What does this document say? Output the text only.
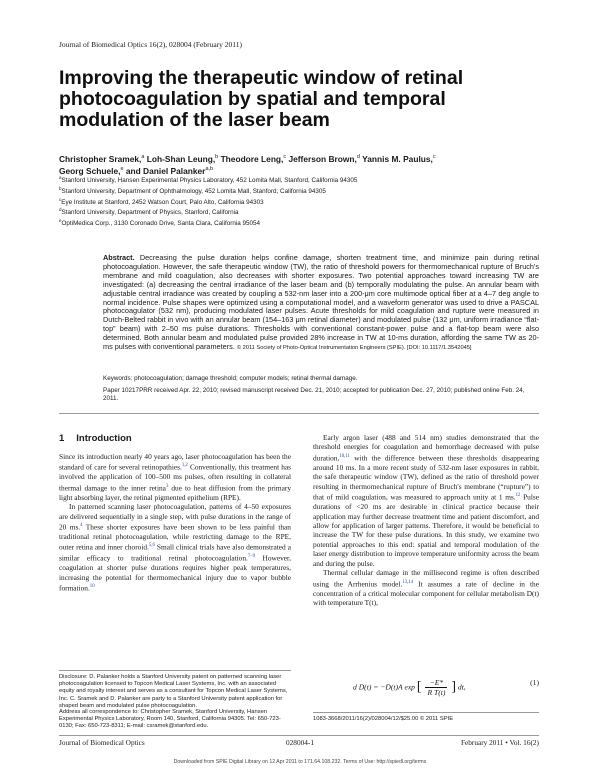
Journal of Biomedical Optics 16(2), 028004 (February 2011)
Improving the therapeutic window of retinal photocoagulation by spatial and temporal modulation of the laser beam
Christopher Sramek,$^a$ Loh-Shan Leung,$^b$ Theodore Leng,$^c$ Jefferson Brown,$^d$ Yannis M. Paulus,$^c$
Georg Schuele,$^e$ and Daniel Palanker$^{a,b}$
$^a$Stanford University, Hansen Experimental Physics Laboratory, 452 Lomita Mall, Stanford, California 94305
$^b$Stanford University, Department of Ophthalmology, 452 Lomita Mall, Stanford, California 94305
$^c$Eye Institute at Stanford, 2452 Watson Court, Palo Alto, California 94303
$^d$Stanford University, Department of Physics, Stanford, California
$^e$OptiMedica Corp., 3130 Coronado Drive, Santa Clara, California 95054
Abstract. Decreasing the pulse duration helps confine damage, shorten treatment time, and minimize pain during retinal photocoagulation. However, the safe therapeutic window (TW), the ratio of threshold powers for thermomechanical rupture of Bruch's membrane and mild coagulation, also decreases with shorter exposures. Two potential approaches toward increasing TW are investigated: (a) decreasing the central irradiance of the laser beam and (b) temporally modulating the pulse. An annular beam with adjustable central irradiance was created by coupling a 532-nm laser into a 200-μm core multimode optical fiber at a 4–7 deg angle to normal incidence. Pulse shapes were optimized using a computational model, and a waveform generator was used to drive a PASCAL photocoagulator (532 nm), producing modulated laser pulses. Acute thresholds for mild coagulation and rupture were measured in Dutch-Belted rabbit in vivo with an annular beam (154–163 μm retinal diameter) and modulated pulse (132 μm, uniform irradiance “flat-top” beam) with 2–50 ms pulse durations. Thresholds with conventional constant-power pulse and a flat-top beam were also determined. Both annular beam and modulated pulse provided 28% increase in TW at 10-ms duration, affording the same TW as 20-ms pulses with conventional parameters. © 2011 Society of Photo-Optical Instrumentation Engineers (SPIE). [DOI: 10.1117/1.3542045]
Keywords: photocoagulation; damage threshold; computer models; retinal thermal damage.
Paper 10217PRR received Apr. 22, 2010; revised manuscript received Dec. 21, 2010; accepted for publication Dec. 27, 2010; published online Feb. 24, 2011.
1 Introduction

Since its introduction nearly 40 years ago, laser photocoagulation has been the standard of care for several retinopathies.$^{1,2}$ Conventionally, this treatment has involved the application of 100–500 ms pulses, often resulting in collateral thermal damage to the inner retina$^3$ due to heat diffusion from the primary light absorbing layer, the retinal pigmented epithelium (RPE).

In patterned scanning laser photocoagulation, patterns of 4–50 exposures are delivered sequentially in a single step, with pulse durations in the range of 20 ms.$^4$ These shorter exposures have been shown to be less painful than traditional retinal photocoagulation, while restricting damage to the RPE, outer retina and inner choroid.$^{5,6}$ Small clinical trials have also demonstrated a similar efficacy to traditional retinal photocoagulation.$^{7-9}$ However, coagulation at shorter pulse durations requires higher peak temperatures, increasing the potential for thermomechanical injury due to vapor bubble formation.$^{10}$

Early argon laser (488 and 514 nm) studies demonstrated that the threshold energies for coagulation and hemorrhage decreased with pulse duration,$^{10,11}$ with the difference between these thresholds disappearing around 10 ms. In a more recent study of 532-nm laser exposures in rabbit, the safe therapeutic window (TW), defined as the ratio of threshold power resulting in thermomechanical rupture of Bruch's membrane (“rupture”) to that of mild coagulation, was measured to approach unity at 1 ms.$^{12}$ Pulse durations of <20 ms are desirable in clinical practice because their application may further decrease treatment time and patient discomfort, and allow for application of larger patterns. Therefore, it would be beneficial to increase the TW for these pulse durations. In this study, we examine two potential approaches to this end: spatial and temporal modulation of the laser energy distribution to improve temperature uniformity across the beam and during the pulse.

Thermal cellular damage in the millisecond regime is often described using the Arrhenius model.$^{13,14}$ It assumes a rate of decline in the concentration of a critical molecular component for cellular metabolism D(t) with temperature T(t),

d D(t) = −D(t)A exp [ $\frac{-E*}{\text{R T(t)}}$ ] dt,	(1)
Disclosure: D. Palanker holds a Stanford University patent on patterned scanning laser photocoagulation licensed to Topcon Medical Laser Systems, Inc. with an associated equity and royalty interest and serves as a consultant for Topcon Medical Laser Systems, Inc. C. Sramek and D. Palanker are party to a Stanford University patent application for shaped beam and modulated pulse photocoagulation.
Address all correspondence to: Christopher Sramek, Stanford University, Hansen Experimental Physics Laboratory, Room 140, Stanford, California 94305. Tel: 650-723-0130; Fax: 650-723-8311; E-mail: csramek@stanford.edu.
1083-3668/2011/16(2)/028004/12/$25.00 © 2011 SPIE
Journal of Biomedical Optics	028004-1	February 2011 • Vol. 16(2)
Downloaded from SPIE Digital Library on 12 Apr 2011 to 171.64.108.232. Terms of Use: http://spiedl.org/terms
